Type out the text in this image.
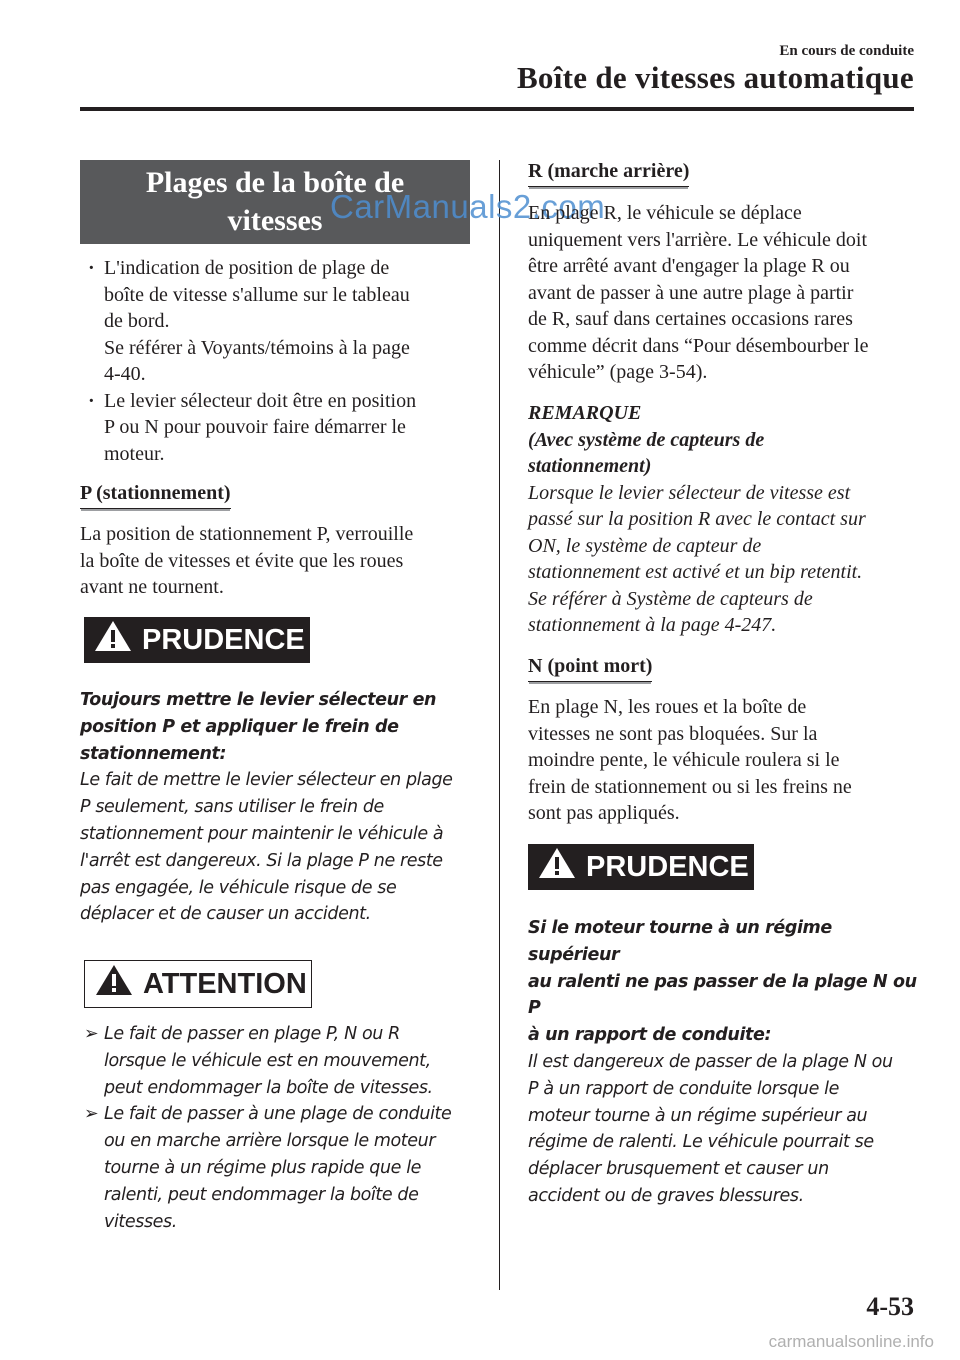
En cours de conduite
Boîte de vitesses automatique
Plages de la boîte de
vitesses CarManuals2.com
· L'indication de position de plage de
boîte de vitesse s'allume sur le tableau
de bord.
Se référer à Voyants/témoins à la page
4-40.
· Le levier sélecteur doit être en position
P ou N pour pouvoir faire démarrer le
moteur.
P (stationnement)
La position de stationnement P, verrouille
la boîte de vitesses et évite que les roues
avant ne tournent.
PRUDENCE
Toujours mettre le levier sélecteur en
position P et appliquer le frein de
stationnement:
Le fait de mettre le levier sélecteur en plage
P seulement, sans utiliser le frein de
stationnement pour maintenir le véhicule à
l'arrêt est dangereux. Si la plage P ne reste
pas engagée, le véhicule risque de se
déplacer et de causer un accident.
ATTENTION
➢ Le fait de passer en plage P, N ou R
lorsque le véhicule est en mouvement,
peut endommager la boîte de vitesses.
➢ Le fait de passer à une plage de conduite
ou en marche arrière lorsque le moteur
tourne à un régime plus rapide que le
ralenti, peut endommager la boîte de
vitesses.
R (marche arrière)
En plage R, le véhicule se déplace
uniquement vers l'arrière. Le véhicule doit
être arrêté avant d'engager la plage R ou
avant de passer à une autre plage à partir
de R, sauf dans certaines occasions rares
comme décrit dans “Pour désembourber le
véhicule” (page 3-54).
REMARQUE
(Avec système de capteurs de
stationnement)
Lorsque le levier sélecteur de vitesse est
passé sur la position R avec le contact sur
ON, le système de capteur de
stationnement est activé et un bip retentit.
Se référer à Système de capteurs de
stationnement à la page 4-247.
N (point mort)
En plage N, les roues et la boîte de
vitesses ne sont pas bloquées. Sur la
moindre pente, le véhicule roulera si le
frein de stationnement ou si les freins ne
sont pas appliqués.
PRUDENCE
Si le moteur tourne à un régime supérieur
au ralenti ne pas passer de la plage N ou P
à un rapport de conduite:
Il est dangereux de passer de la plage N ou
P à un rapport de conduite lorsque le
moteur tourne à un régime supérieur au
régime de ralenti. Le véhicule pourrait se
déplacer brusquement et causer un
accident ou de graves blessures.
4-53
carmanualsonline.info
